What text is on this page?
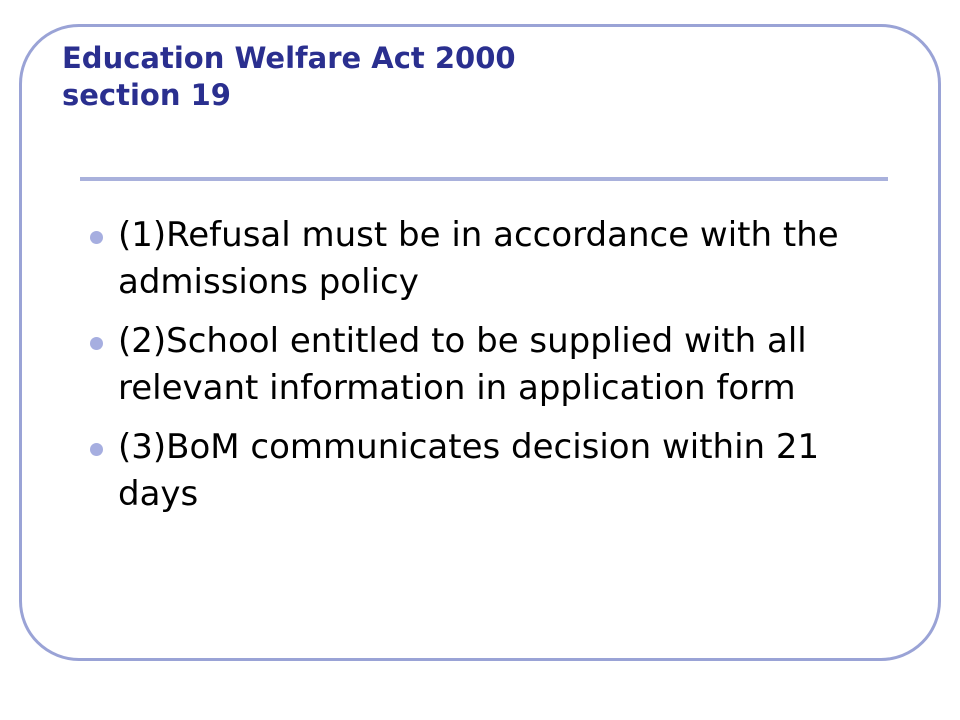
Education Welfare Act 2000
section 19
(1)Refusal must be in accordance with the admissions policy
(2)School entitled to be supplied with all relevant information in application form
(3)BoM communicates decision within 21 days
